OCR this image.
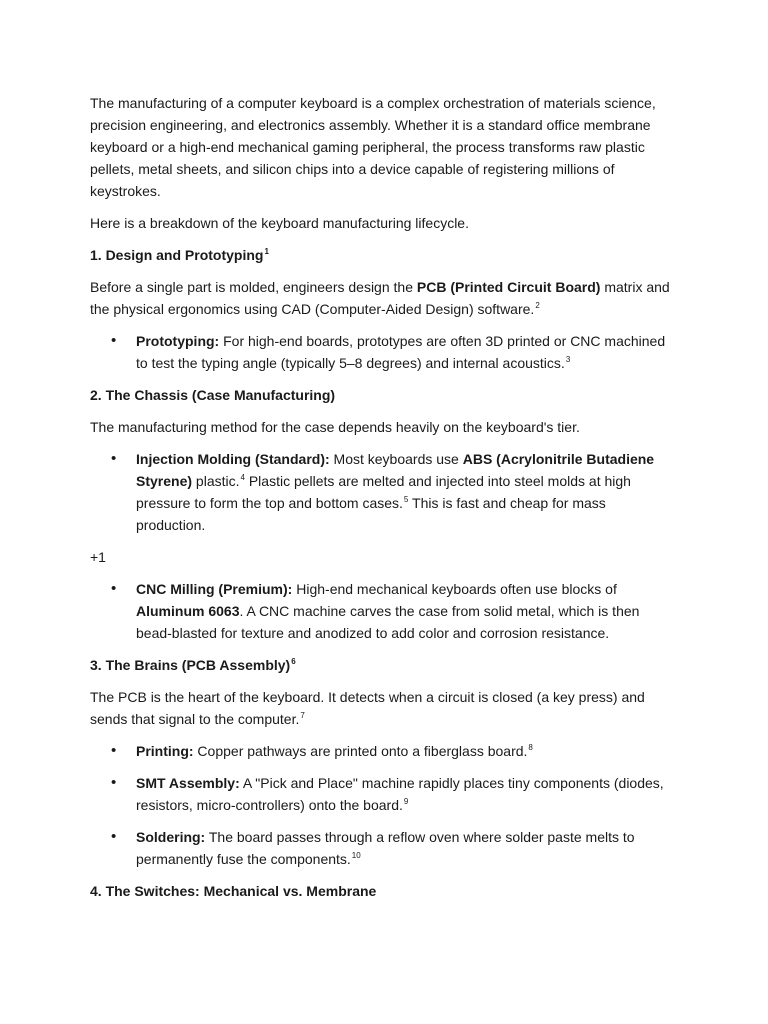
The manufacturing of a computer keyboard is a complex orchestration of materials science, precision engineering, and electronics assembly. Whether it is a standard office membrane keyboard or a high-end mechanical gaming peripheral, the process transforms raw plastic pellets, metal sheets, and silicon chips into a device capable of registering millions of keystrokes.

Here is a breakdown of the keyboard manufacturing lifecycle.

1. Design and Prototyping$^1$

Before a single part is molded, engineers design the PCB (Printed Circuit Board) matrix and the physical ergonomics using CAD (Computer-Aided Design) software.$^2$

• Prototyping: For high-end boards, prototypes are often 3D printed or CNC machined to test the typing angle (typically 5–8 degrees) and internal acoustics.$^3$
2. The Chassis (Case Manufacturing)

The manufacturing method for the case depends heavily on the keyboard's tier.

• Injection Molding (Standard): Most keyboards use ABS (Acrylonitrile Butadiene Styrene) plastic.$^4$ Plastic pellets are melted and injected into steel molds at high pressure to form the top and bottom cases.$^5$ This is fast and cheap for mass production.

+1

• CNC Milling (Premium): High-end mechanical keyboards often use blocks of Aluminum 6063. A CNC machine carves the case from solid metal, which is then bead-blasted for texture and anodized to add color and corrosion resistance.
3. The Brains (PCB Assembly)$^6$

The PCB is the heart of the keyboard. It detects when a circuit is closed (a key press) and sends that signal to the computer.$^7$

• Printing: Copper pathways are printed onto a fiberglass board.$^8$
• SMT Assembly: A "Pick and Place" machine rapidly places tiny components (diodes, resistors, micro-controllers) onto the board.$^9$
• Soldering: The board passes through a reflow oven where solder paste melts to permanently fuse the components.$^{10}$
4. The Switches: Mechanical vs. Membrane
